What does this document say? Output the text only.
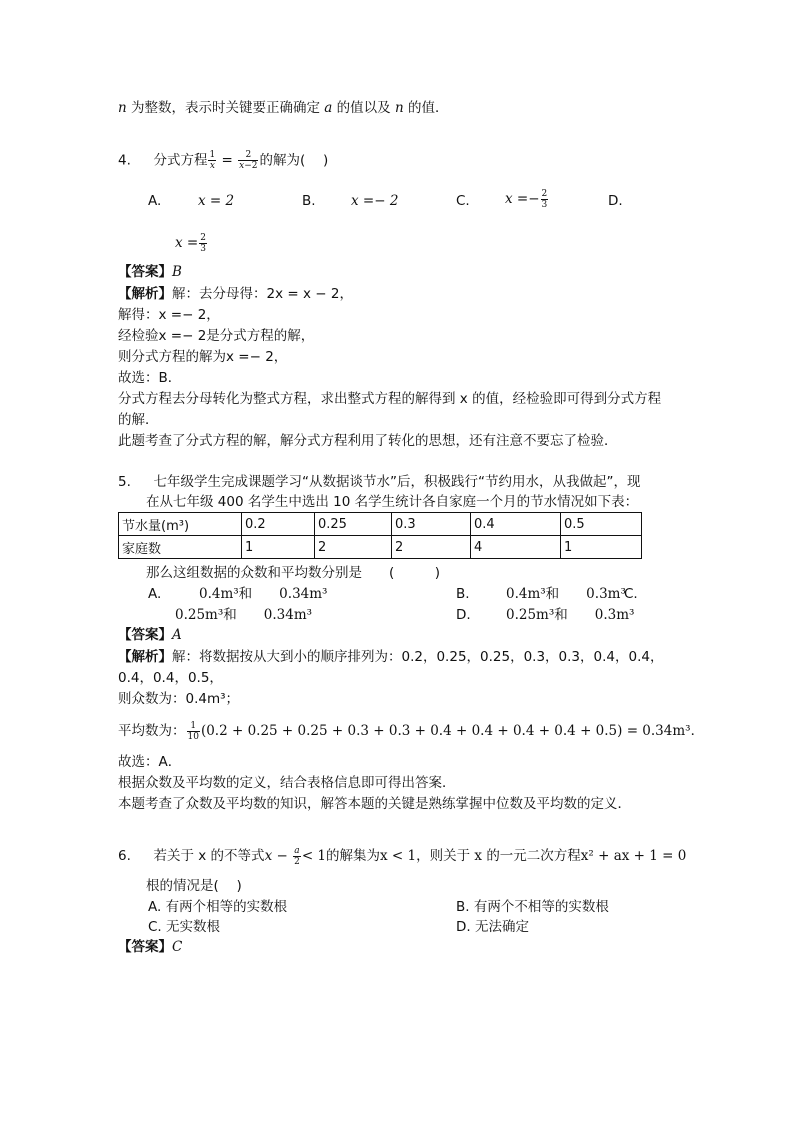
n 为整数，表示时关键要正确确定 a 的值以及 n 的值．
4. 分式方程 $\frac{1}{x} = \frac{2}{x-2}$ 的解为(　 )
A.	x = 2	B.	x =− 2	C.	$x =- \frac{2}{3}$	D.
$x = \frac{2}{3}$
【答案】B
【解析】解：去分母得：2x = x − 2，
解得：x =− 2，
经检验x =− 2是分式方程的解，
则分式方程的解为x =− 2，
故选：B．
分式方程去分母转化为整式方程，求出整式方程的解得到 x 的值，经检验即可得到分式方程
的解．
此题考查了分式方程的解，解分式方程利用了转化的思想，还有注意不要忘了检验．
5. 七年级学生完成课题学习“从数据谈节水”后，积极践行“节约用水，从我做起”，现
在从七年级 400 名学生中选出 10 名学生统计各自家庭一个月的节水情况如下表：
节水量(m³)	0.2	0.25	0.3	0.4	0.5
家庭数	1	2	2	4	1
那么这组数据的众数和平均数分别是　　(　　　)
A.	0.4m³和　　0.34m³	B.	0.4m³和　　0.3m³
C.
0.25m³和　　0.34m³	D.	0.25m³和　　0.3m³
【答案】A
【解析】解：将数据按从大到小的顺序排列为：0.2，0.25，0.25，0.3，0.3，0.4，0.4，
0.4，0.4，0.5，
则众数为：0.4m³；
平均数为： $\frac{1}{10} (0.2 + 0.25 + 0.25 + 0.3 + 0.3 + 0.4 + 0.4 + 0.4 + 0.4 + 0.5) = 0.34m^3$．
故选：A．
根据众数及平均数的定义，结合表格信息即可得出答案．
本题考查了众数及平均数的知识，解答本题的关键是熟练掌握中位数及平均数的定义．
6. 若关于 x 的不等式$x - \frac{a}{2} < 1$的解集为x < 1，则关于 x 的一元二次方程x² + ax + 1 = 0
根的情况是(　 )
A. 有两个相等的实数根	B. 有两个不相等的实数根
C. 无实数根	D. 无法确定
【答案】C
